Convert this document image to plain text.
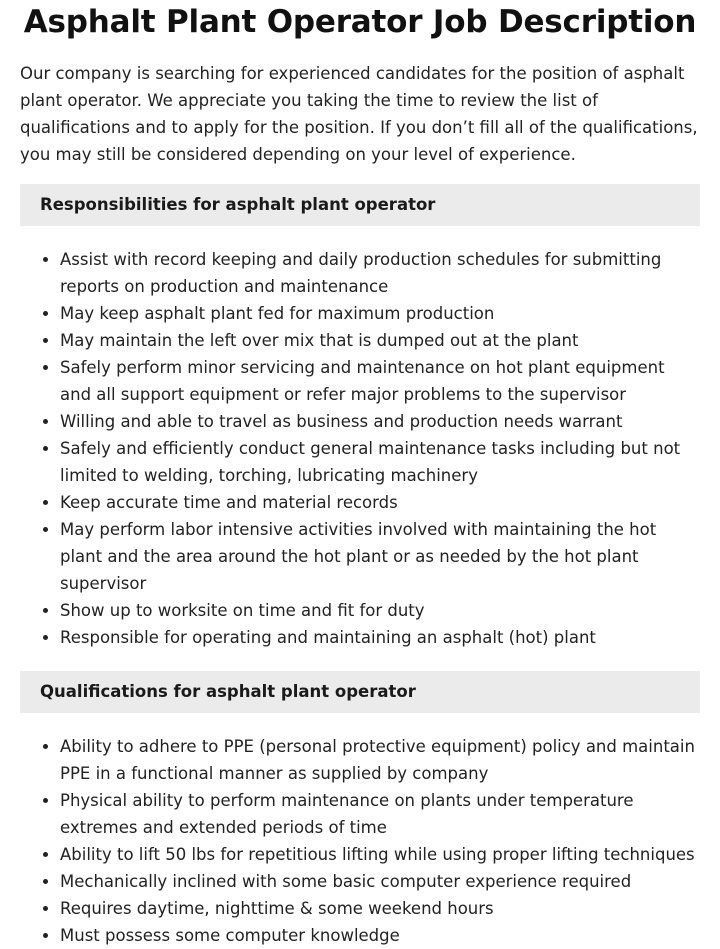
Asphalt Plant Operator Job Description

Our company is searching for experienced candidates for the position of asphalt plant operator. We appreciate you taking the time to review the list of qualifications and to apply for the position. If you don’t fill all of the qualifications, you may still be considered depending on your level of experience.

Responsibilities for asphalt plant operator
• Assist with record keeping and daily production schedules for submitting reports on production and maintenance
• May keep asphalt plant fed for maximum production
• May maintain the left over mix that is dumped out at the plant
• Safely perform minor servicing and maintenance on hot plant equipment and all support equipment or refer major problems to the supervisor
• Willing and able to travel as business and production needs warrant
• Safely and efficiently conduct general maintenance tasks including but not limited to welding, torching, lubricating machinery
• Keep accurate time and material records
• May perform labor intensive activities involved with maintaining the hot plant and the area around the hot plant or as needed by the hot plant supervisor
• Show up to worksite on time and fit for duty
• Responsible for operating and maintaining an asphalt (hot) plant
Qualifications for asphalt plant operator
• Ability to adhere to PPE (personal protective equipment) policy and maintain PPE in a functional manner as supplied by company
• Physical ability to perform maintenance on plants under temperature extremes and extended periods of time
• Ability to lift 50 lbs for repetitious lifting while using proper lifting techniques
• Mechanically inclined with some basic computer experience required
• Requires daytime, nighttime & some weekend hours
• Must possess some computer knowledge
